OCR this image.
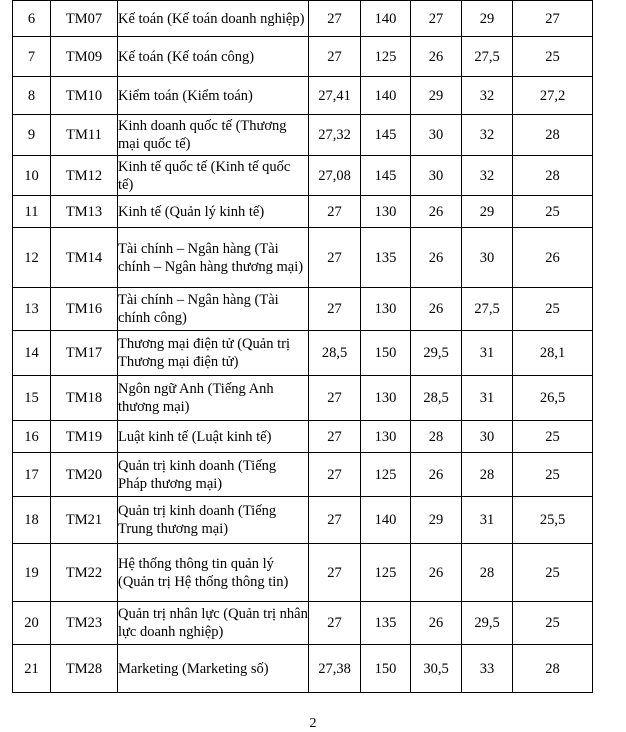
6	TM07	Kế toán (Kế toán doanh nghiệp)	27	140	27	29	27
7	TM09	Kế toán (Kế toán công)	27	125	26	27,5	25
8	TM10	Kiểm toán (Kiểm toán)	27,41	140	29	32	27,2
9	TM11	Kinh doanh quốc tế (Thương mại quốc tế)	27,32	145	30	32	28
10	TM12	Kinh tế quốc tế (Kinh tế quốc tế)	27,08	145	30	32	28
11	TM13	Kinh tế (Quản lý kinh tế)	27	130	26	29	25
12	TM14	Tài chính – Ngân hàng (Tài chính – Ngân hàng thương mại)	27	135	26	30	26
13	TM16	Tài chính – Ngân hàng (Tài chính công)	27	130	26	27,5	25
14	TM17	Thương mại điện tử (Quản trị Thương mại điện tử)	28,5	150	29,5	31	28,1
15	TM18	Ngôn ngữ Anh (Tiếng Anh thương mại)	27	130	28,5	31	26,5
16	TM19	Luật kinh tế (Luật kinh tế)	27	130	28	30	25
17	TM20	Quản trị kinh doanh (Tiếng Pháp thương mại)	27	125	26	28	25
18	TM21	Quản trị kinh doanh (Tiếng Trung thương mại)	27	140	29	31	25,5
19	TM22	Hệ thống thông tin quản lý (Quản trị Hệ thống thông tin)	27	125	26	28	25
20	TM23	Quản trị nhân lực (Quản trị nhân lực doanh nghiệp)	27	135	26	29,5	25
21	TM28	Marketing (Marketing số)	27,38	150	30,5	33	28
2
